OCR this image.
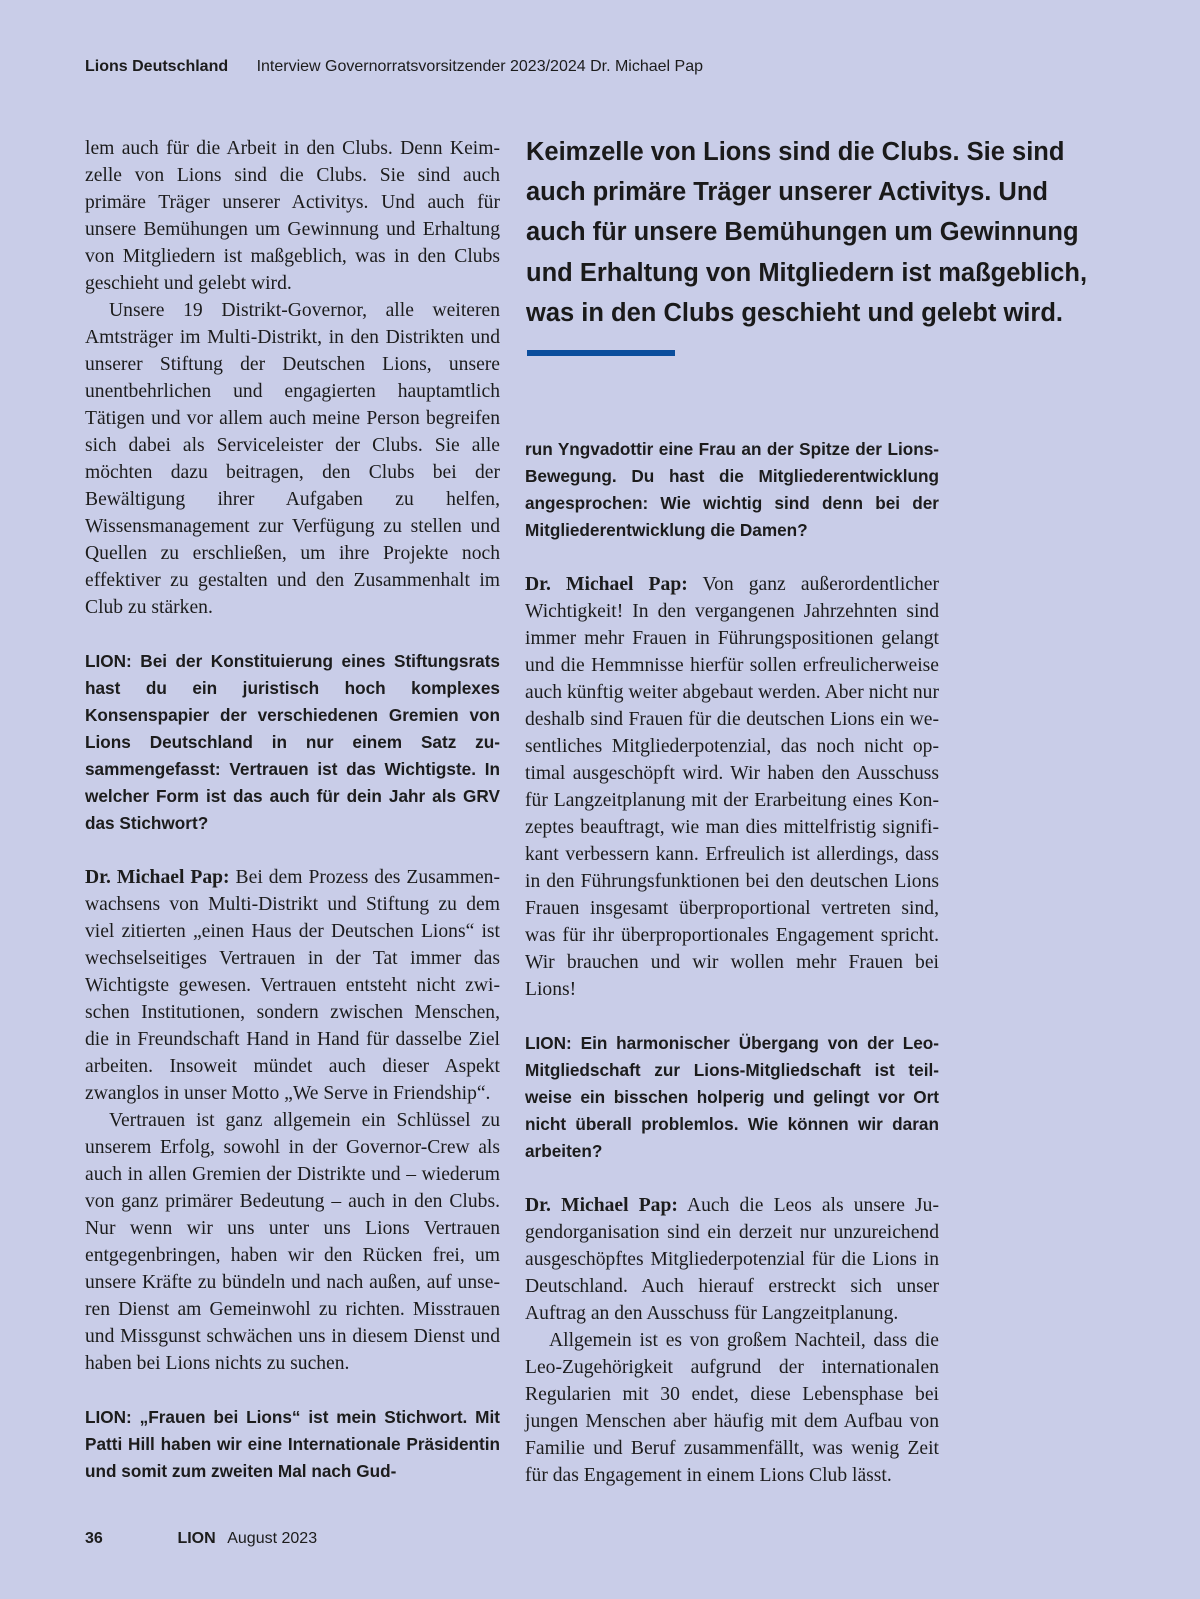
Lions Deutschland Interview Governorratsvorsitzender 2023/2024 Dr. Michael Pap

lem auch für die Arbeit in den Clubs. Denn Keimzelle von Lions sind die Clubs. Sie sind auch primäre Träger unserer Activitys. Und auch für unsere Bemühungen um Gewinnung und Erhaltung von Mitgliedern ist maßgeblich, was in den Clubs geschieht und gelebt wird.

Unsere 19 Distrikt-Governor, alle weiteren Amtsträger im Multi-Distrikt, in den Distrikten und unserer Stiftung der Deutschen Lions, unsere unentbehrlichen und engagierten hauptamtlich Tätigen und vor allem auch meine Person begreifen sich dabei als Serviceleister der Clubs. Sie alle möchten dazu beitragen, den Clubs bei der Bewältigung ihrer Aufgaben zu helfen, Wissensmanagement zur Verfügung zu stellen und Quellen zu erschließen, um ihre Projekte noch effektiver zu gestalten und den Zusammenhalt im Club zu stärken.

LION: Bei der Konstituierung eines Stiftungsrats hast du ein juristisch hoch komplexes Konsenspapier der verschiedenen Gremien von Lions Deutschland in nur einem Satz zusammengefasst: Vertrauen ist das Wichtigste. In welcher Form ist das auch für dein Jahr als GRV das Stichwort?

Dr. Michael Pap: Bei dem Prozess des Zusammenwachsens von Multi-Distrikt und Stiftung zu dem viel zitierten „einen Haus der Deutschen Lions“ ist wechselseitiges Vertrauen in der Tat immer das Wichtigste gewesen. Vertrauen entsteht nicht zwischen Institutionen, sondern zwischen Menschen, die in Freundschaft Hand in Hand für dasselbe Ziel arbeiten. Insoweit mündet auch dieser Aspekt zwanglos in unser Motto „We Serve in Friendship“.

Vertrauen ist ganz allgemein ein Schlüssel zu unserem Erfolg, sowohl in der Governor-Crew als auch in allen Gremien der Distrikte und – wiederum von ganz primärer Bedeutung – auch in den Clubs. Nur wenn wir uns unter uns Lions Vertrauen entgegenbringen, haben wir den Rücken frei, um unsere Kräfte zu bündeln und nach außen, auf unseren Dienst am Gemeinwohl zu richten. Misstrauen und Missgunst schwächen uns in diesem Dienst und haben bei Lions nichts zu suchen.

LION: „Frauen bei Lions“ ist mein Stichwort. Mit Patti Hill haben wir eine Internationale Präsidentin und somit zum zweiten Mal nach Gud-

Keimzelle von Lions sind die Clubs. Sie sind
auch primäre Träger unserer Activitys. Und
auch für unsere Bemühungen um Gewinnung
und Erhaltung von Mitgliedern ist maßgeblich,
was in den Clubs geschieht und gelebt wird.

run Yngvadottir eine Frau an der Spitze der Lions-Bewegung. Du hast die Mitgliederentwicklung angesprochen: Wie wichtig sind denn bei der Mitgliederentwicklung die Damen?

Dr. Michael Pap: Von ganz außerordentlicher Wichtigkeit! In den vergangenen Jahrzehnten sind immer mehr Frauen in Führungspositionen gelangt und die Hemmnisse hierfür sollen erfreulicherweise auch künftig weiter abgebaut werden. Aber nicht nur deshalb sind Frauen für die deutschen Lions ein wesentliches Mitgliederpotenzial, das noch nicht optimal ausgeschöpft wird. Wir haben den Ausschuss für Langzeitplanung mit der Erarbeitung eines Konzeptes beauftragt, wie man dies mittelfristig signifikant verbessern kann. Erfreulich ist allerdings, dass in den Führungsfunktionen bei den deutschen Lions Frauen insgesamt überproportional vertreten sind, was für ihr überproportionales Engagement spricht. Wir brauchen und wir wollen mehr Frauen bei Lions!

LION: Ein harmonischer Übergang von der Leo-Mitgliedschaft zur Lions-Mitgliedschaft ist teilweise ein bisschen holperig und gelingt vor Ort nicht überall problemlos. Wie können wir daran arbeiten?

Dr. Michael Pap: Auch die Leos als unsere Jugendorganisation sind ein derzeit nur unzureichend ausgeschöpftes Mitgliederpotenzial für die Lions in Deutschland. Auch hierauf erstreckt sich unser Auftrag an den Ausschuss für Langzeitplanung.

Allgemein ist es von großem Nachteil, dass die Leo-Zugehörigkeit aufgrund der internationalen Regularien mit 30 endet, diese Lebensphase bei jungen Menschen aber häufig mit dem Aufbau von Familie und Beruf zusammenfällt, was wenig Zeit für das Engagement in einem Lions Club lässt.

36	LION August 2023
